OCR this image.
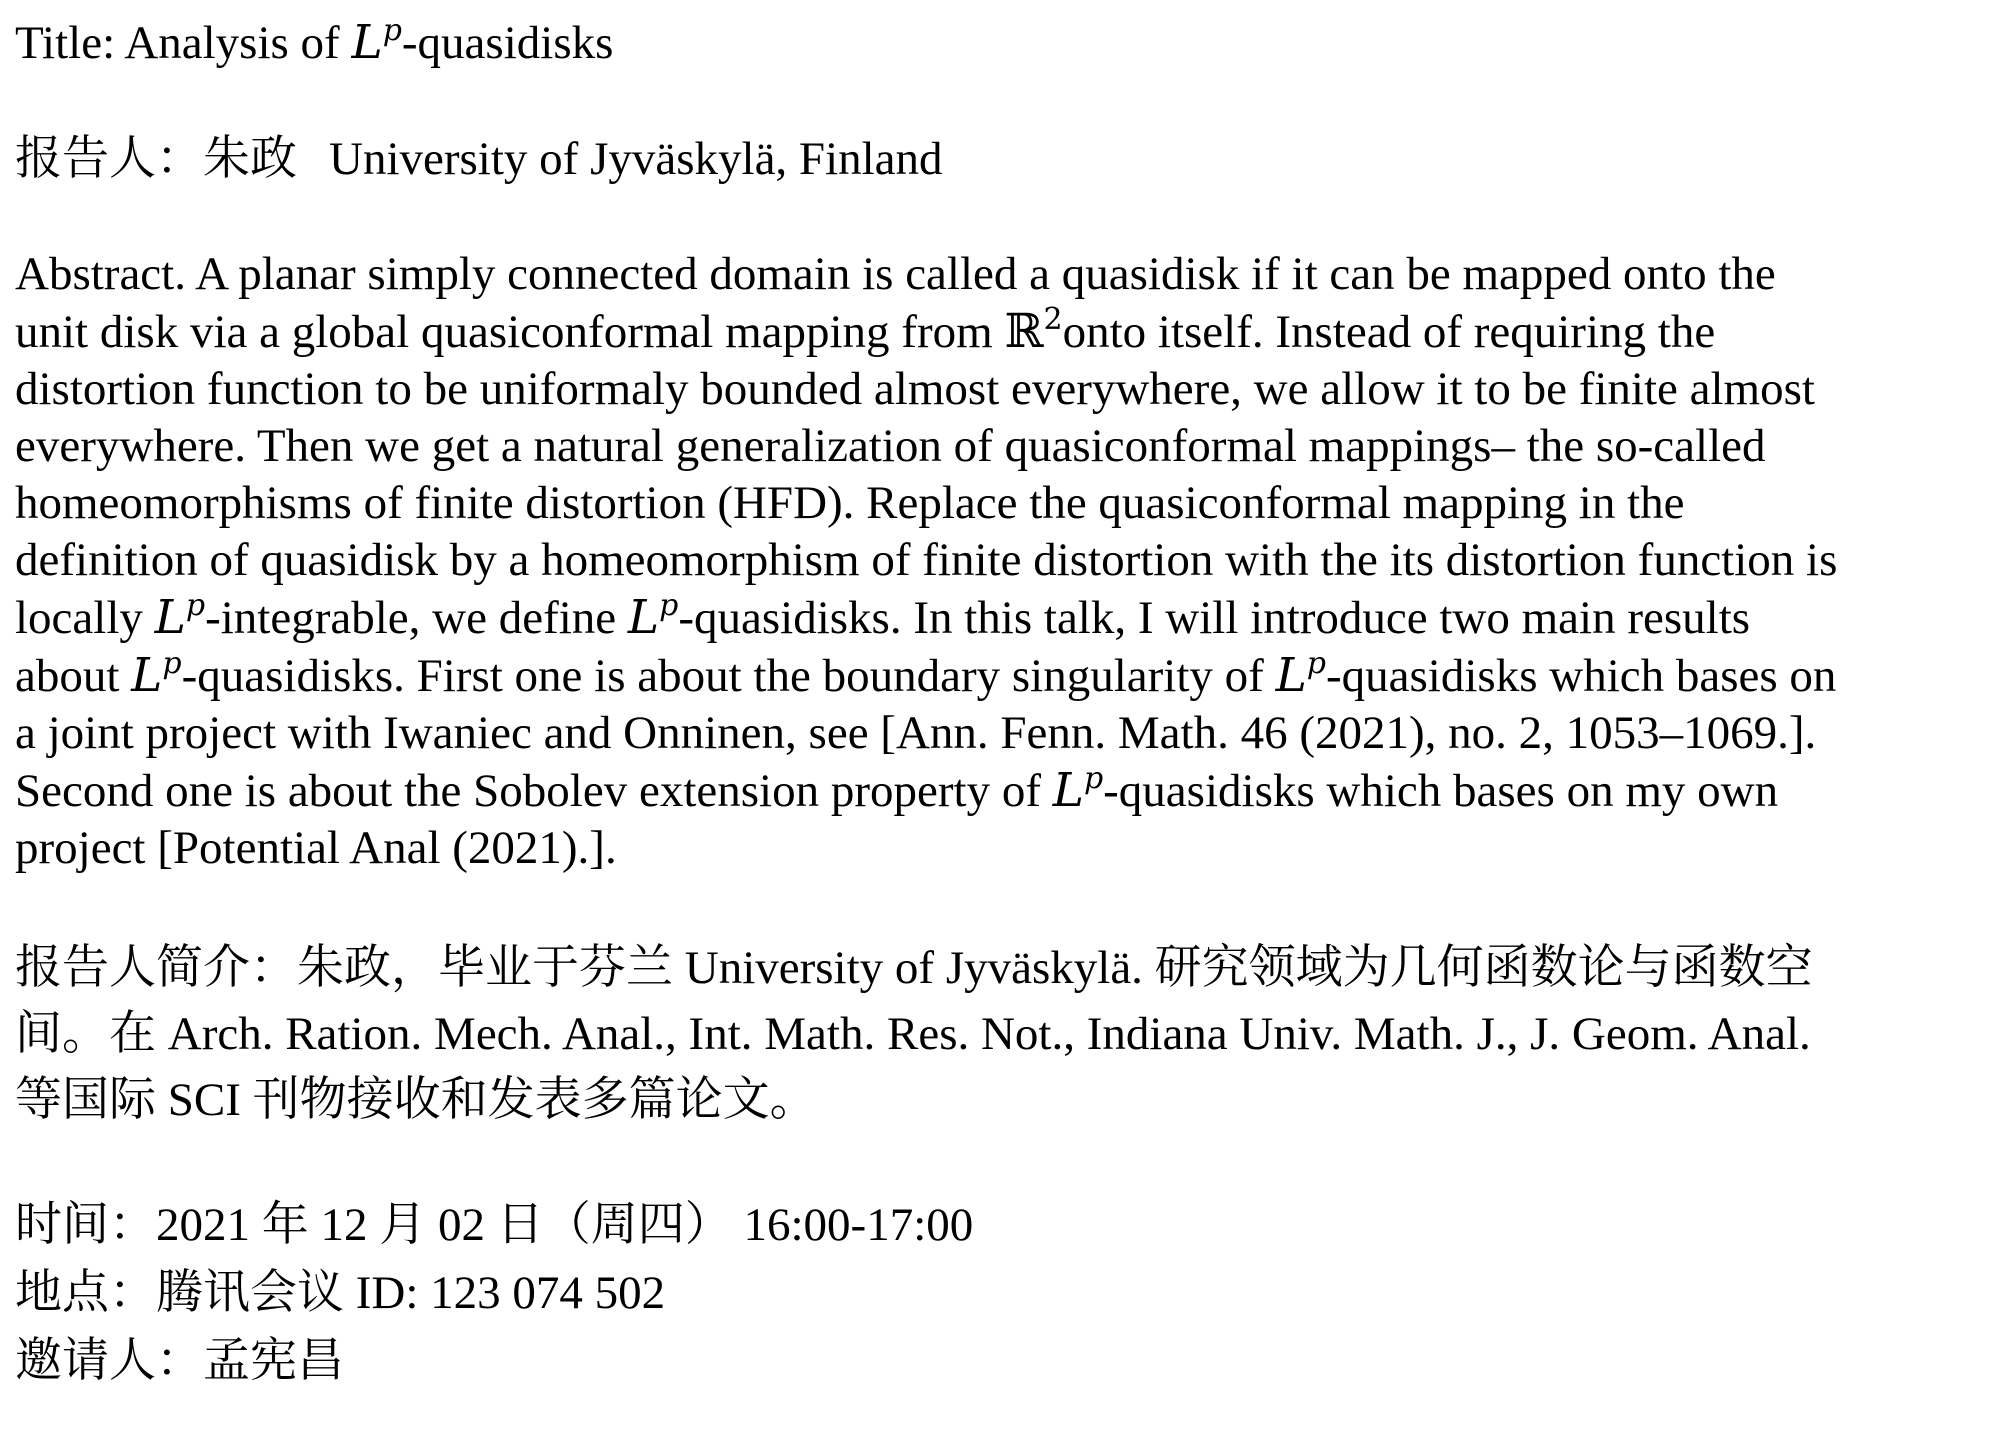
Title: Analysis of $L^p$-quasidisks
报告人：朱政 University of Jyväskylä, Finland
Abstract. A planar simply connected domain is called a quasidisk if it can be mapped onto the
unit disk via a global quasiconformal mapping from ℝ$^2$onto itself. Instead of requiring the
distortion function to be uniformaly bounded almost everywhere, we allow it to be finite almost
everywhere. Then we get a natural generalization of quasiconformal mappings– the so-called
homeomorphisms of finite distortion (HFD). Replace the quasiconformal mapping in the
definition of quasidisk by a homeomorphism of finite distortion with the its distortion function is
locally $L^p$-integrable, we define $L^p$-quasidisks. In this talk, I will introduce two main results
about $L^p$-quasidisks. First one is about the boundary singularity of $L^p$-quasidisks which bases on
a joint project with Iwaniec and Onninen, see [Ann. Fenn. Math. 46 (2021), no. 2, 1053–1069.].
Second one is about the Sobolev extension property of $L^p$-quasidisks which bases on my own
project [Potential Anal (2021).].
报告人简介：朱政，毕业于芬兰 University of Jyväskylä. 研究领域为几何函数论与函数空
间。在 Arch. Ration. Mech. Anal., Int. Math. Res. Not., Indiana Univ. Math. J., J. Geom. Anal.
等国际 SCI 刊物接收和发表多篇论文。
时间：2021 年 12 月 02 日（周四） 16:00-17:00
地点：腾讯会议 ID: 123 074 502
邀请人：孟宪昌
